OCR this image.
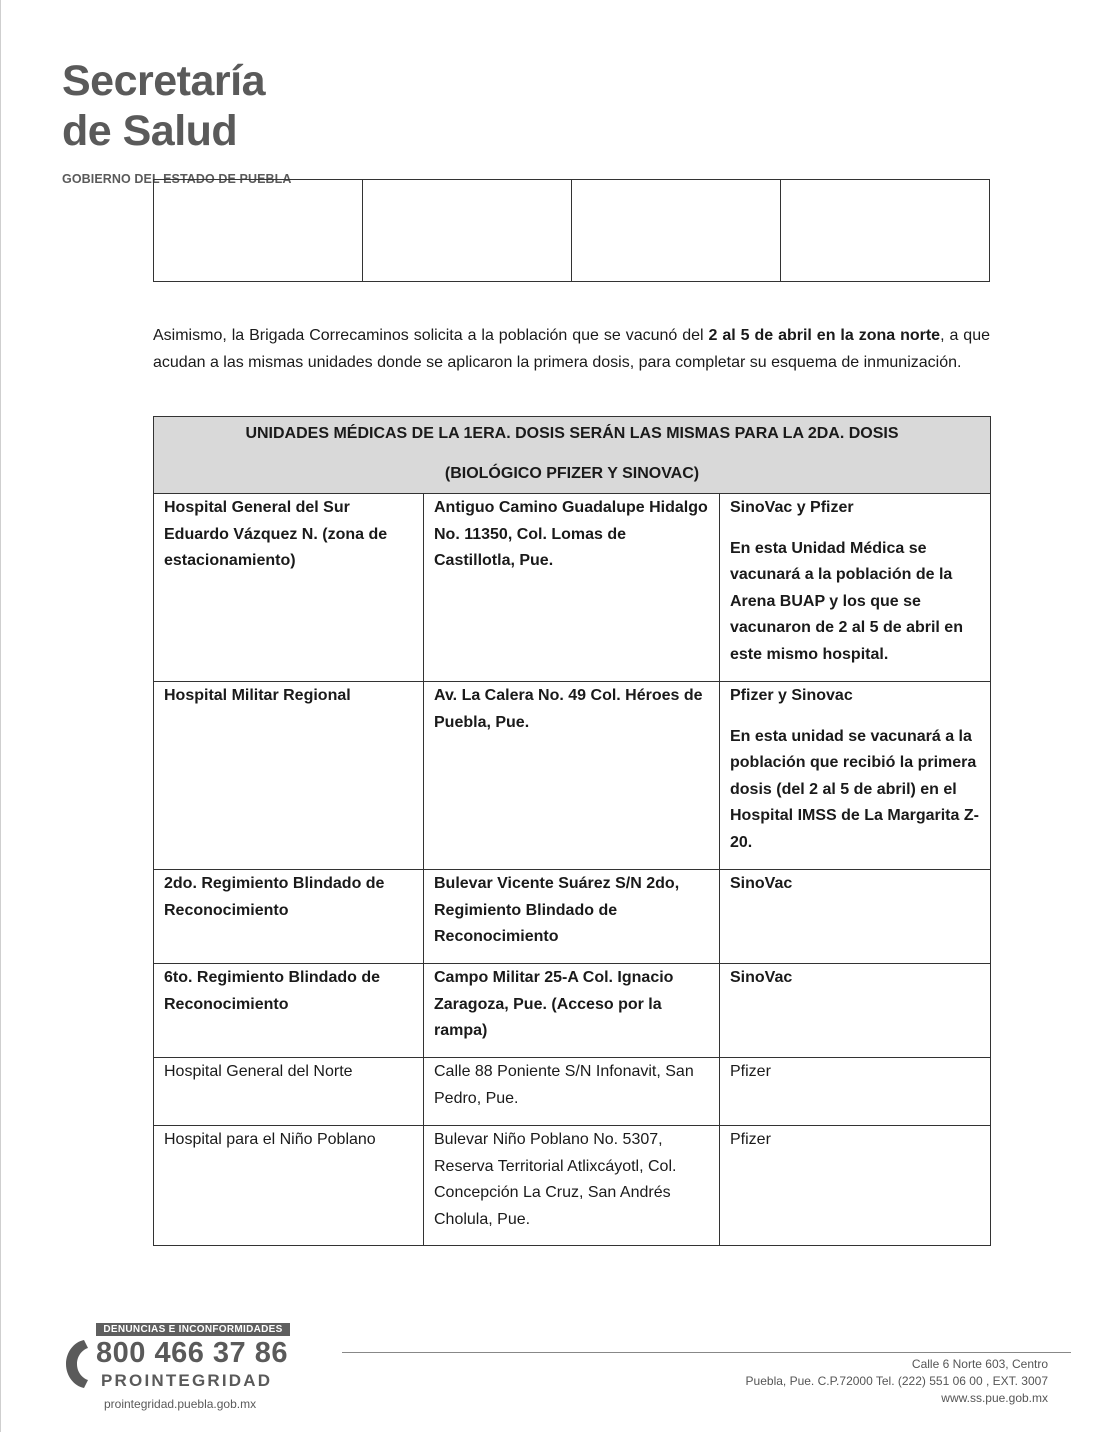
Secretaría
de Salud
GOBIERNO DEL ESTADO DE PUEBLA

Asimismo, la Brigada Correcaminos solicita a la población que se vacunó del 2 al 5 de abril en la zona norte, a que acudan a las mismas unidades donde se aplicaron la primera dosis, para completar su esquema de inmunización.
UNIDADES MÉDICAS DE LA 1ERA. DOSIS SERÁN LAS MISMAS PARA LA 2DA. DOSIS
(BIOLÓGICO PFIZER Y SINOVAC)		

Hospital General del Sur Eduardo Vázquez N. (zona de estacionamiento)	Antiguo Camino Guadalupe Hidalgo No. 11350, Col. Lomas de Castillotla, Pue.	SinoVac y Pfizer
En esta Unidad Médica se vacunará a la población de la Arena BUAP y los que se vacunaron de 2 al 5 de abril en este mismo hospital.

Hospital Militar Regional	Av. La Calera No. 49 Col. Héroes de Puebla, Pue.	Pfizer y Sinovac
En esta unidad se vacunará a la población que recibió la primera dosis (del 2 al 5 de abril) en el Hospital IMSS de La Margarita Z-20.

2do. Regimiento Blindado de Reconocimiento	Bulevar Vicente Suárez S/N 2do, Regimiento Blindado de Reconocimiento	SinoVac
6to. Regimiento Blindado de Reconocimiento	Campo Militar 25-A Col. Ignacio Zaragoza, Pue. (Acceso por la rampa)	SinoVac
Hospital General del Norte	Calle 88 Poniente S/N Infonavit, San Pedro, Pue.	Pfizer
Hospital para el Niño Poblano	Bulevar Niño Poblano No. 5307, Reserva Territorial Atlixcáyotl, Col. Concepción La Cruz, San Andrés Cholula, Pue.	Pfizer
DENUNCIAS E INCONFORMIDADES
800 466 37 86
PROINTEGRIDAD
prointegridad.puebla.gob.mx
Calle 6 Norte 603, Centro
Puebla, Pue. C.P.72000 Tel. (222) 551 06 00 , EXT. 3007
www.ss.pue.gob.mx
